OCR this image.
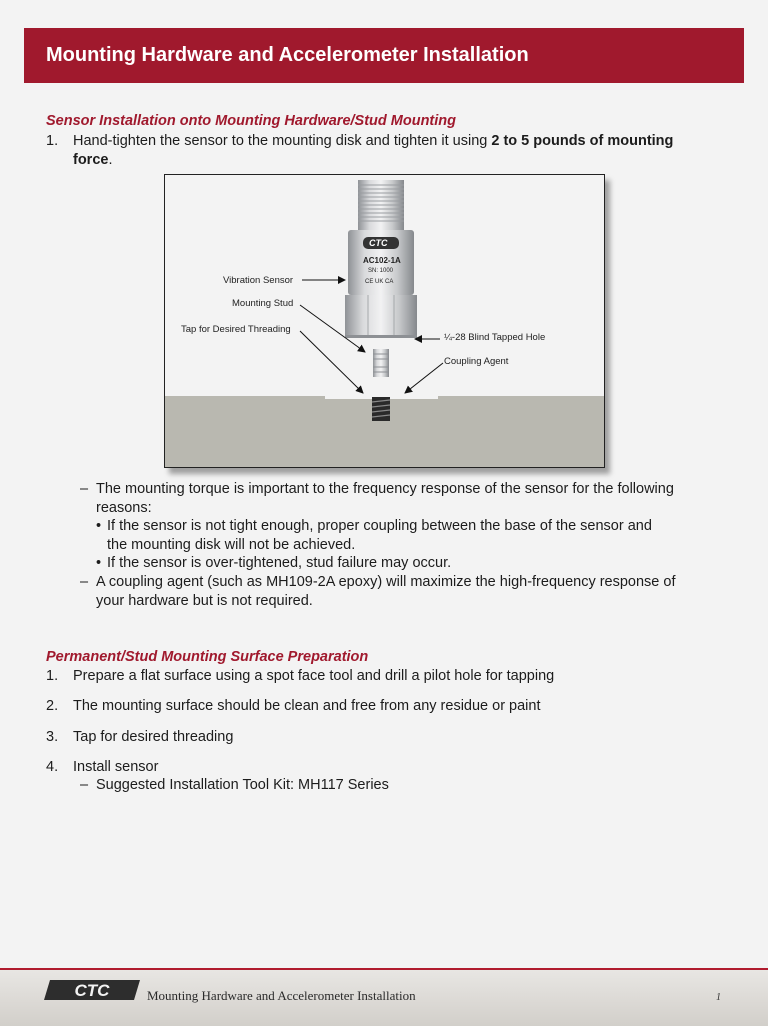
Mounting Hardware and Accelerometer Installation
Sensor Installation onto Mounting Hardware/Stud Mounting
1. Hand-tighten the sensor to the mounting disk and tighten it using 2 to 5 pounds of mounting force.
CTC
AC102-1A
SN: 1000
CE UK CA
Vibration Sensor
Mounting Stud
Tap for Desired Threading
¼-28 Blind Tapped Hole
Coupling Agent
– The mounting torque is important to the frequency response of the sensor for the following reasons:
• If the sensor is not tight enough, proper coupling between the base of the sensor and the mounting disk will not be achieved.
• If the sensor is over-tightened, stud failure may occur.
– A coupling agent (such as MH109-2A epoxy) will maximize the high-frequency response of your hardware but is not required.
Permanent/Stud Mounting Surface Preparation
1. Prepare a flat surface using a spot face tool and drill a pilot hole for tapping
2. The mounting surface should be clean and free from any residue or paint
3. Tap for desired threading
4. Install sensor
– Suggested Installation Tool Kit: MH117 Series
CTC	Mounting Hardware and Accelerometer Installation	1
